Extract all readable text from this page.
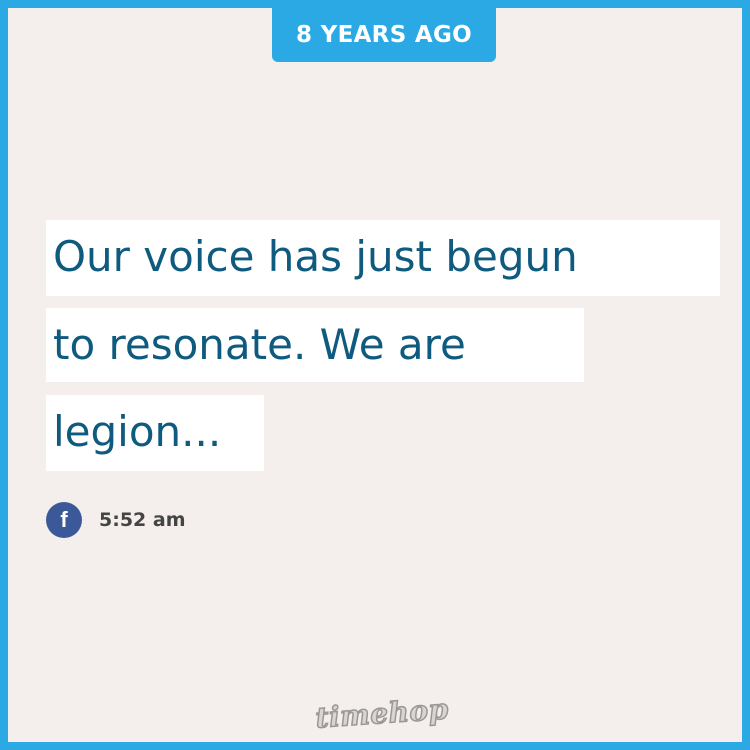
8 YEARS AGO
Our voice has just begun
to resonate. We are
legion...
f	5:52 am
timehop
